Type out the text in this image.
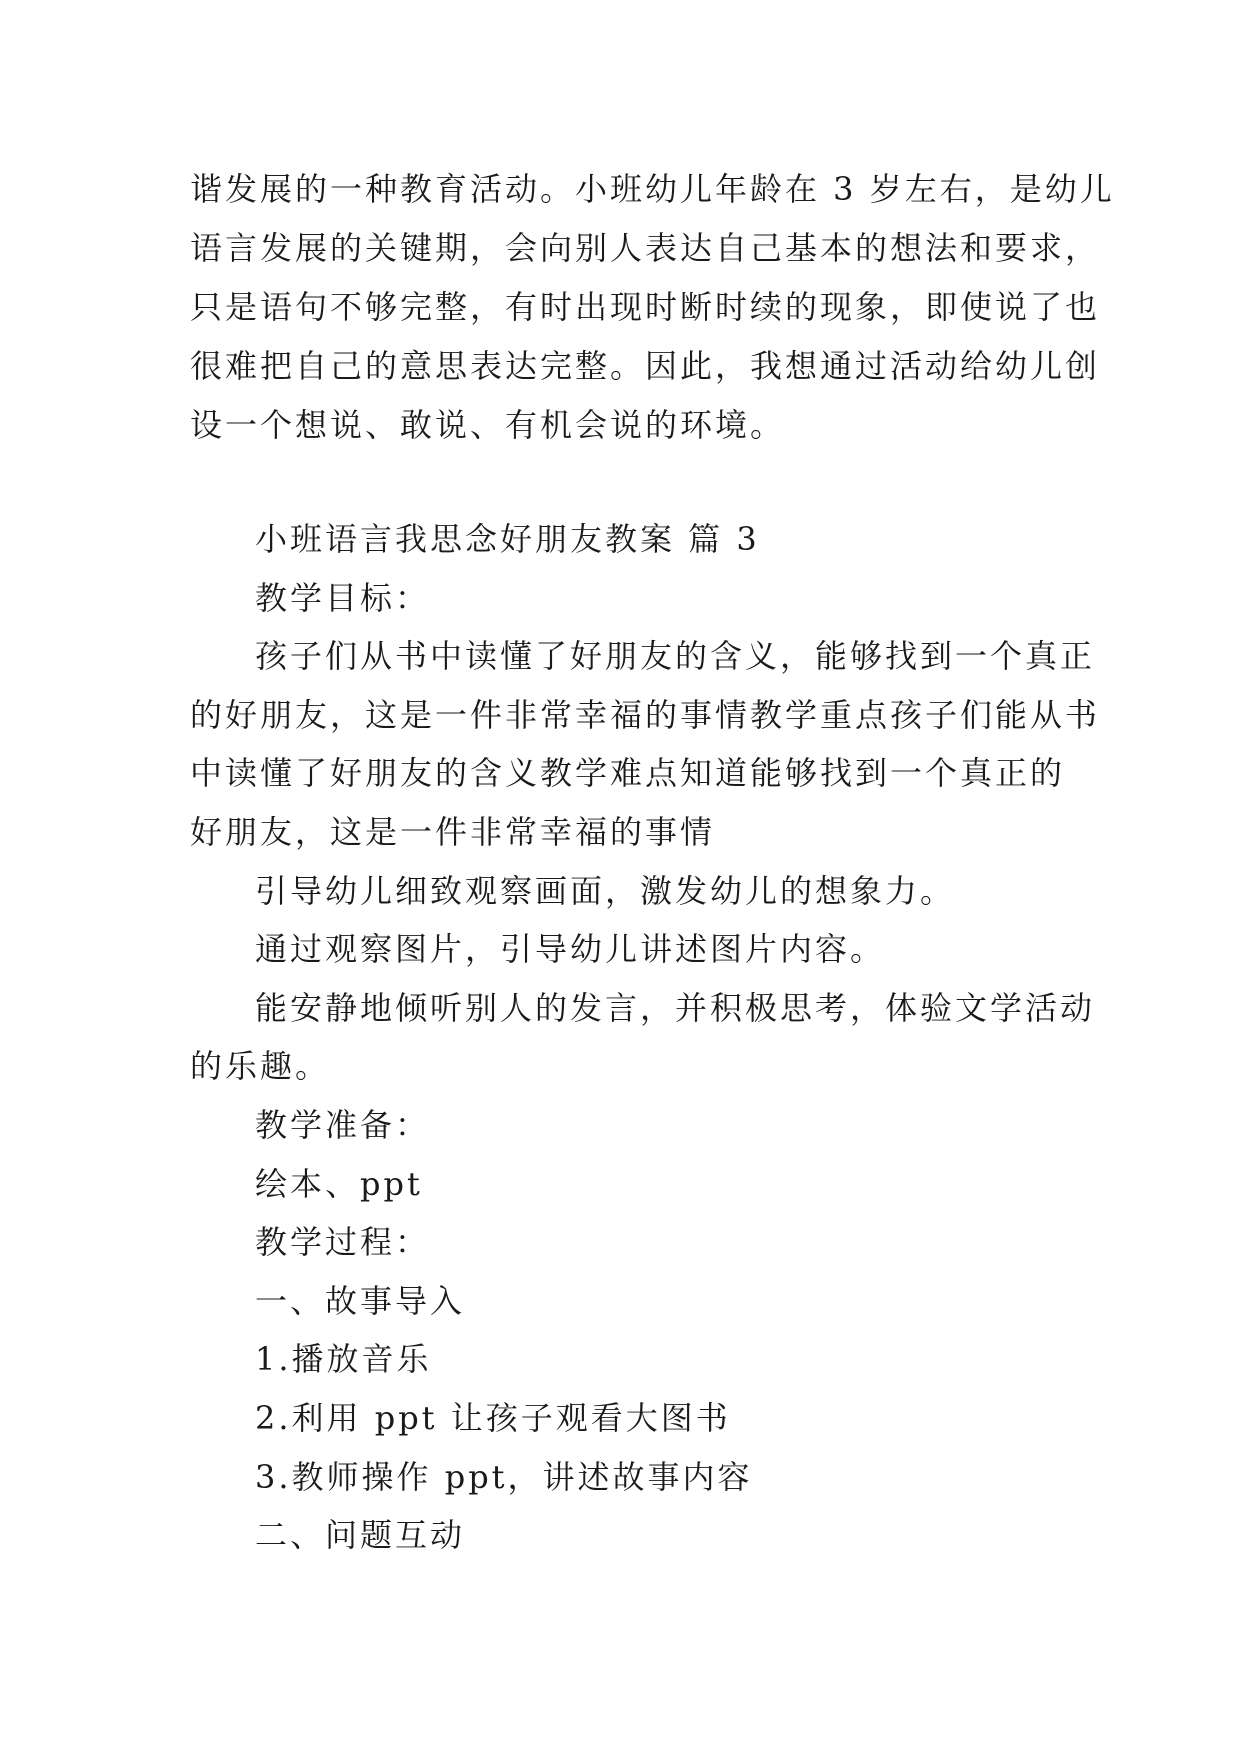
谐发展的一种教育活动。小班幼儿年龄在 3 岁左右，是幼儿
语言发展的关键期，会向别人表达自己基本的想法和要求，
只是语句不够完整，有时出现时断时续的现象，即使说了也
很难把自己的意思表达完整。因此，我想通过活动给幼儿创
设一个想说、敢说、有机会说的环境。
小班语言我思念好朋友教案 篇 3
教学目标：
孩子们从书中读懂了好朋友的含义，能够找到一个真正
的好朋友，这是一件非常幸福的事情教学重点孩子们能从书
中读懂了好朋友的含义教学难点知道能够找到一个真正的
好朋友，这是一件非常幸福的事情
引导幼儿细致观察画面，激发幼儿的想象力。
通过观察图片，引导幼儿讲述图片内容。
能安静地倾听别人的发言，并积极思考，体验文学活动
的乐趣。
教学准备：
绘本、ppt
教学过程：
一、故事导入
1.播放音乐
2.利用 ppt 让孩子观看大图书
3.教师操作 ppt，讲述故事内容
二、问题互动
